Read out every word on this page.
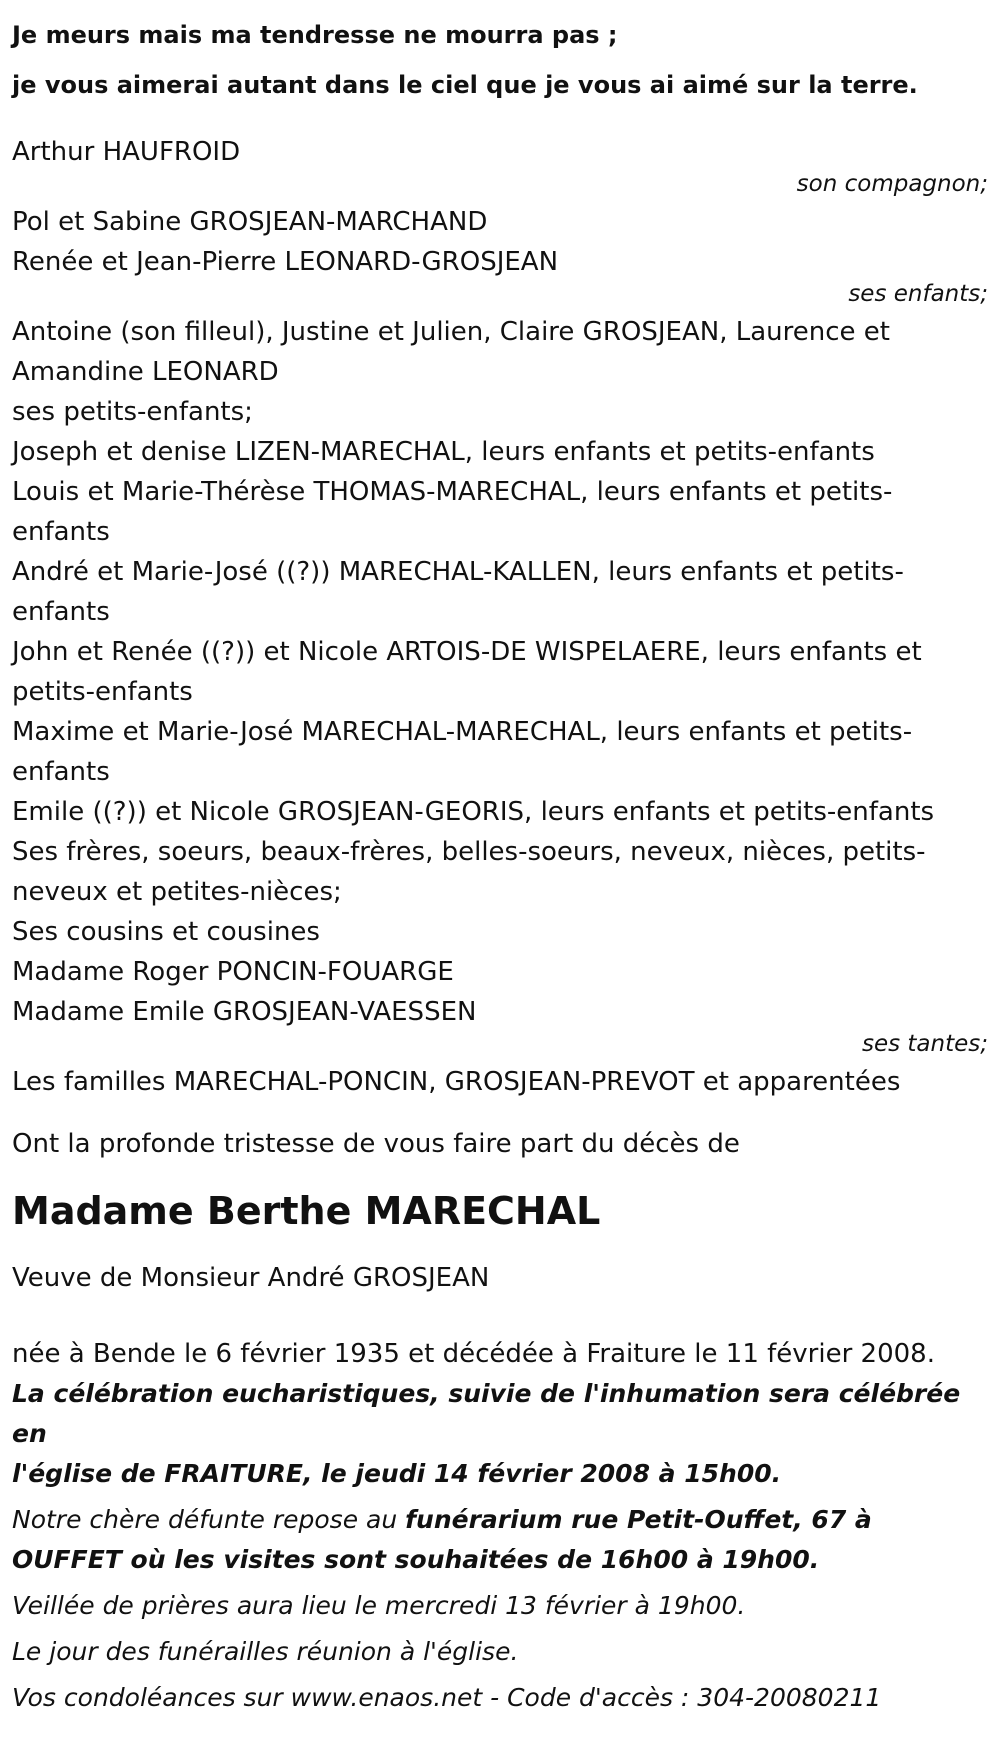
Je meurs mais ma tendresse ne mourra pas ;

je vous aimerai autant dans le ciel que je vous ai aimé sur la terre.

Arthur HAUFROID

son compagnon;

Pol et Sabine GROSJEAN-MARCHAND

Renée et Jean-Pierre LEONARD-GROSJEAN

ses enfants;

Antoine (son filleul), Justine et Julien, Claire GROSJEAN, Laurence et

Amandine LEONARD

ses petits-enfants;

Joseph et denise LIZEN-MARECHAL, leurs enfants et petits-enfants

Louis et Marie-Thérèse THOMAS-MARECHAL, leurs enfants et petits-

enfants

André et Marie-José ((?)) MARECHAL-KALLEN, leurs enfants et petits-

enfants

John et Renée ((?)) et Nicole ARTOIS-DE WISPELAERE, leurs enfants et

petits-enfants

Maxime et Marie-José MARECHAL-MARECHAL, leurs enfants et petits-

enfants

Emile ((?)) et Nicole GROSJEAN-GEORIS, leurs enfants et petits-enfants

Ses frères, soeurs, beaux-frères, belles-soeurs, neveux, nièces, petits-

neveux et petites-nièces;

Ses cousins et cousines

Madame Roger PONCIN-FOUARGE

Madame Emile GROSJEAN-VAESSEN

ses tantes;

Les familles MARECHAL-PONCIN, GROSJEAN-PREVOT et apparentées

Ont la profonde tristesse de vous faire part du décès de

Madame Berthe MARECHAL

Veuve de Monsieur André GROSJEAN

née à Bende le 6 février 1935 et décédée à Fraiture le 11 février 2008.

La célébration eucharistiques, suivie de l'inhumation sera célébrée en

l'église de FRAITURE, le jeudi 14 février 2008 à 15h00.

Notre chère défunte repose au funérarium rue Petit-Ouffet, 67 à

OUFFET où les visites sont souhaitées de 16h00 à 19h00.

Veillée de prières aura lieu le mercredi 13 février à 19h00.

Le jour des funérailles réunion à l'église.

Vos condoléances sur www.enaos.net - Code d'accès : 304-20080211
